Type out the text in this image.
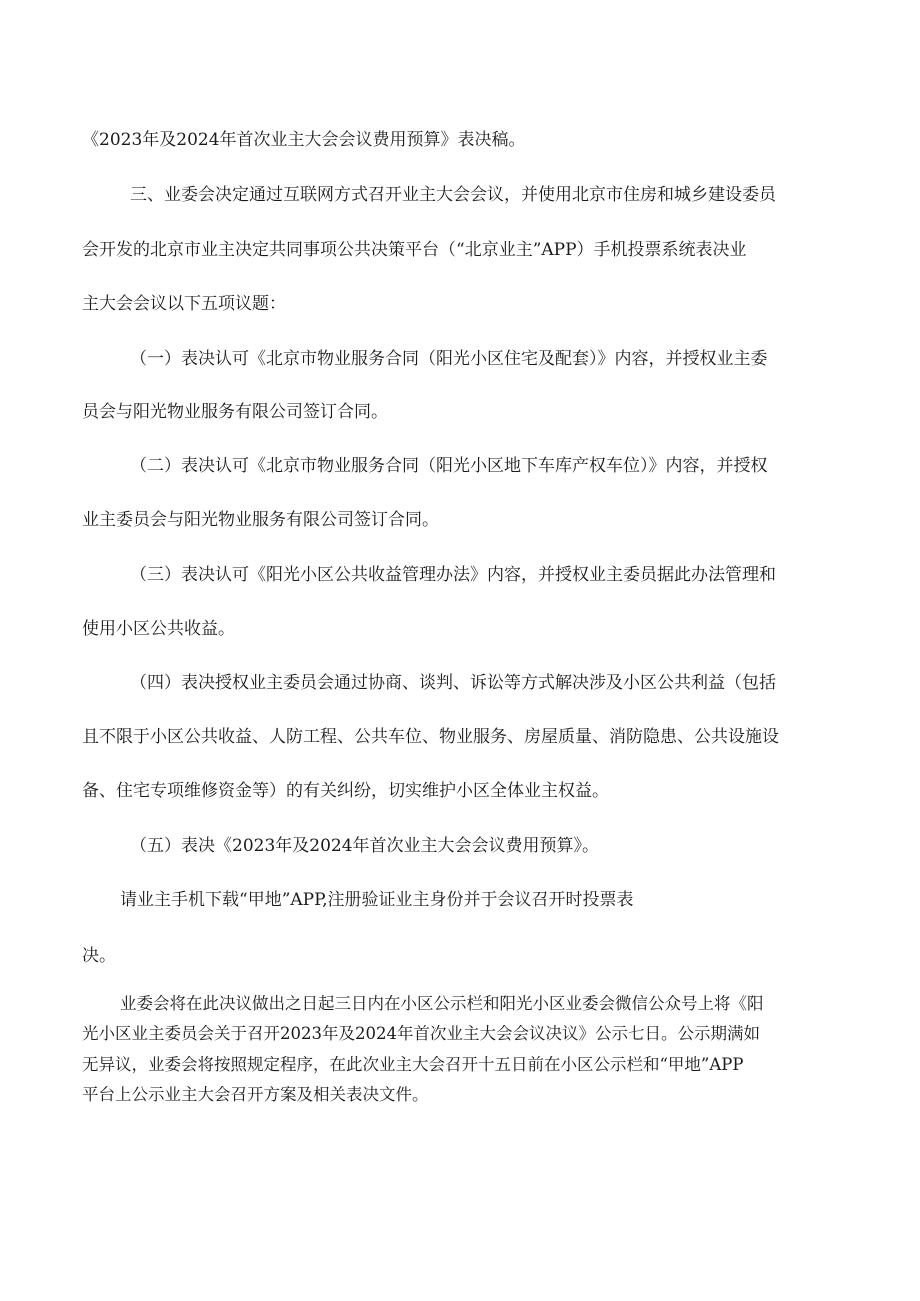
《2023年及2024年首次业主大会会议费用预算》表决稿。

三、业委会决定通过互联网方式召开业主大会会议，并使用北京市住房和城乡建设委员

会开发的北京市业主决定共同事项公共决策平台（“北京业主”APP）手机投票系统表决业

主大会会议以下五项议题：

（一）表决认可《北京市物业服务合同（阳光小区住宅及配套）》内容，并授权业主委

员会与阳光物业服务有限公司签订合同。

（二）表决认可《北京市物业服务合同（阳光小区地下车库产权车位）》内容，并授权

业主委员会与阳光物业服务有限公司签订合同。

（三）表决认可《阳光小区公共收益管理办法》内容，并授权业主委员据此办法管理和

使用小区公共收益。

（四）表决授权业主委员会通过协商、谈判、诉讼等方式解决涉及小区公共利益（包括

且不限于小区公共收益、人防工程、公共车位、物业服务、房屋质量、消防隐患、公共设施设

备、住宅专项维修资金等）的有关纠纷，切实维护小区全体业主权益。

（五）表决《2023年及2024年首次业主大会会议费用预算》。

请业主手机下载“甲地”APP,注册验证业主身份并于会议召开时投票表

决。

业委会将在此决议做出之日起三日内在小区公示栏和阳光小区业委会微信公众号上将《阳

光小区业主委员会关于召开2023年及2024年首次业主大会会议决议》公示七日。公示期满如

无异议，业委会将按照规定程序，在此次业主大会召开十五日前在小区公示栏和“甲地”APP

平台上公示业主大会召开方案及相关表决文件。
